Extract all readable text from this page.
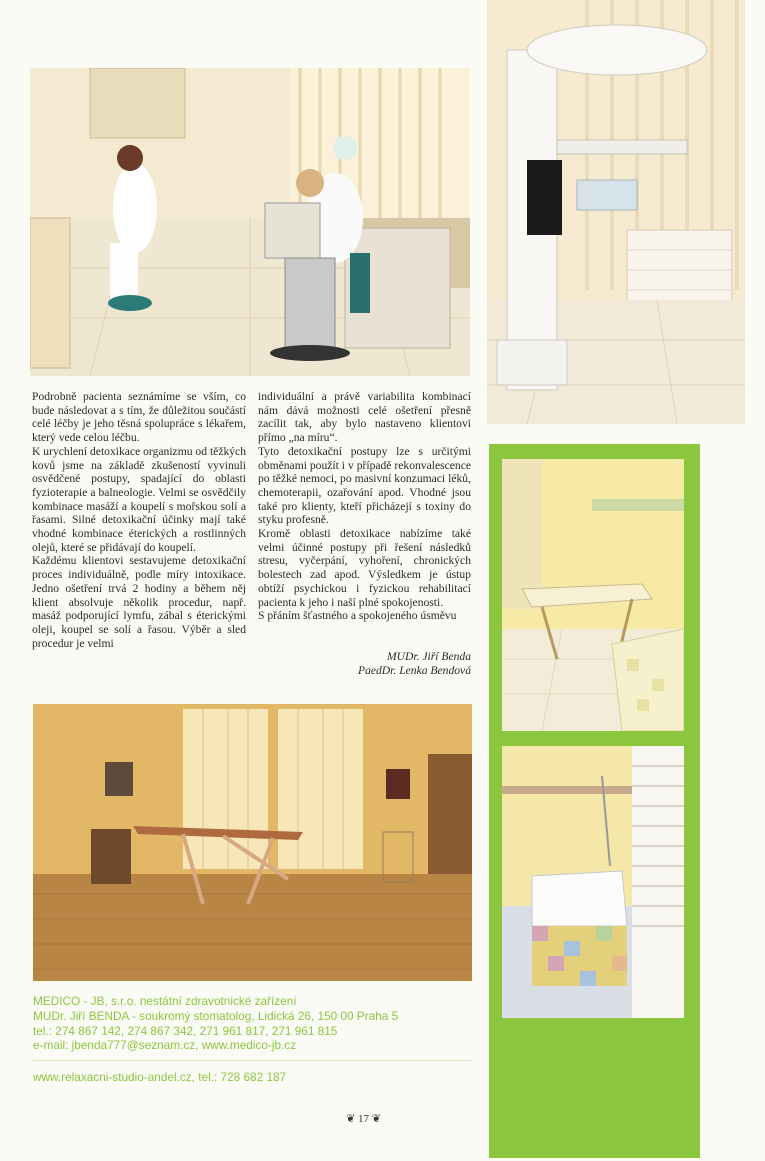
Podrobně pacienta seznámíme se vším, co bude následovat a s tím, že důležitou součástí celé léčby je jeho těsná spolupráce s lékařem, který vede celou léčbu.

K urychlení detoxikace organizmu od těžkých kovů jsme na základě zkušeností vyvinuli osvědčené postupy, spadající do oblasti fyzioterapie a balneologie. Velmi se osvědčily kombinace masáží a koupelí s mořskou solí a řasami. Silné detoxikační účinky mají také vhodné kombinace éterických a rostlinných olejů, které se přidávají do koupelí.

Každému klientovi sestavujeme detoxikační proces individuálně, podle míry intoxikace. Jedno ošetření trvá 2 hodiny a během něj klient absolvuje několik procedur, např. masáž podporující lymfu, zábal s éterickými oleji, koupel se solí a řasou. Výběr a sled procedur je velmi

individuální a právě variabilita kombinací nám dává možnosti celé ošetření přesně zacílit tak, aby bylo nastaveno klientovi přímo „na míru“.

Tyto detoxikační postupy lze s určitými obměnami použít i v případě rekonvalescence po těžké nemoci, po masivní konzumaci léků, chemoterapii, ozařování apod. Vhodné jsou také pro klienty, kteří přicházejí s toxiny do styku profesně.

Kromě oblasti detoxikace nabízíme také velmi účinné postupy při řešení následků stresu, vyčerpání, vyhoření, chronických bolestech zad apod. Výsledkem je ústup obtíží psychickou i fyzickou rehabilitací pacienta k jeho i naší plné spokojenosti.

S přáním šťastného a spokojeného úsměvu

MUDr. Jiří Benda
PaedDr. Lenka Bendová
MEDICO - JB, s.r.o. nestátní zdravotnické zařízení
MUDr. Jiří BENDA - soukromý stomatolog, Lidická 26, 150 00 Praha 5
tel.: 274 867 142, 274 867 342, 271 961 817, 271 961 815
e-mail: jbenda777@seznam.cz, www.medico-jb.cz
www.relaxacni-studio-andel.cz, tel.: 728 682 187
❦ 17 ❦
